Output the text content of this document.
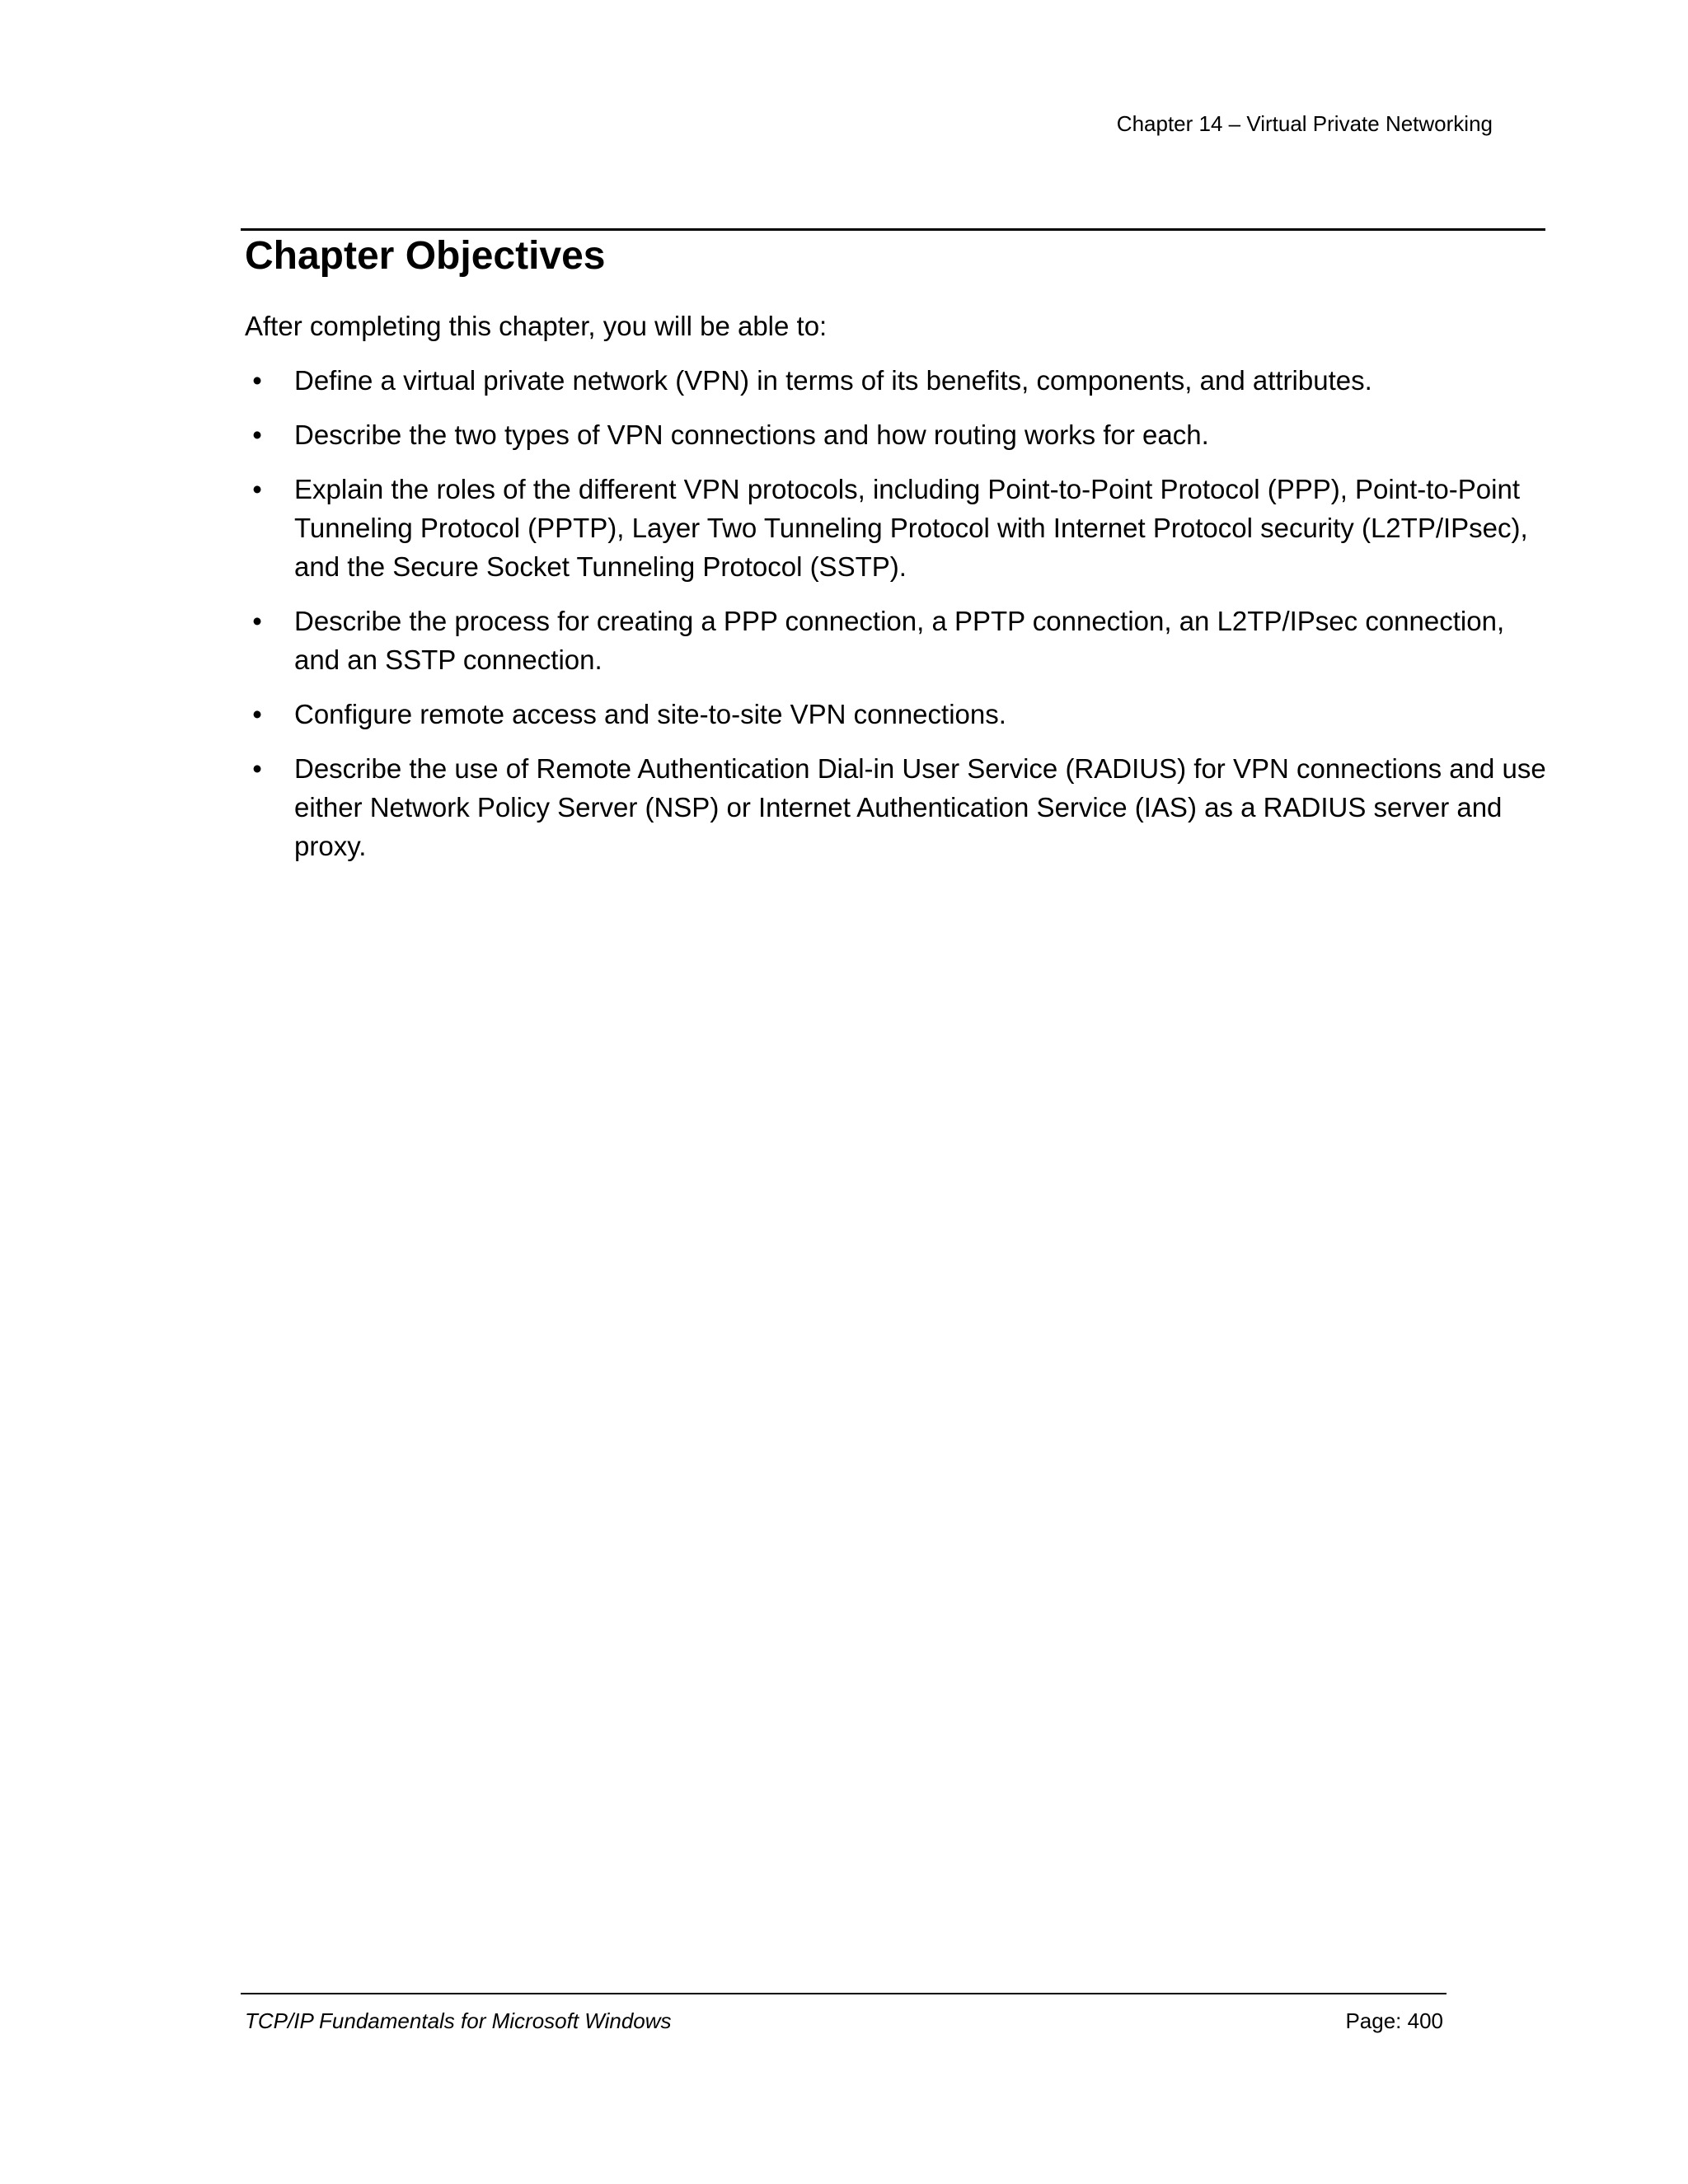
Chapter 14 – Virtual Private Networking
Chapter Objectives

After completing this chapter, you will be able to:

• Define a virtual private network (VPN) in terms of its benefits, components, and attributes.
• Describe the two types of VPN connections and how routing works for each.
• Explain the roles of the different VPN protocols, including Point-to-Point Protocol (PPP), Point-to-Point Tunneling Protocol (PPTP), Layer Two Tunneling Protocol with Internet Protocol security (L2TP/IPsec), and the Secure Socket Tunneling Protocol (SSTP).
• Describe the process for creating a PPP connection, a PPTP connection, an L2TP/IPsec connection, and an SSTP connection.
• Configure remote access and site-to-site VPN connections.
• Describe the use of Remote Authentication Dial-in User Service (RADIUS) for VPN connections and use either Network Policy Server (NSP) or Internet Authentication Service (IAS) as a RADIUS server and proxy.
TCP/IP Fundamentals for Microsoft Windows	Page: 400
